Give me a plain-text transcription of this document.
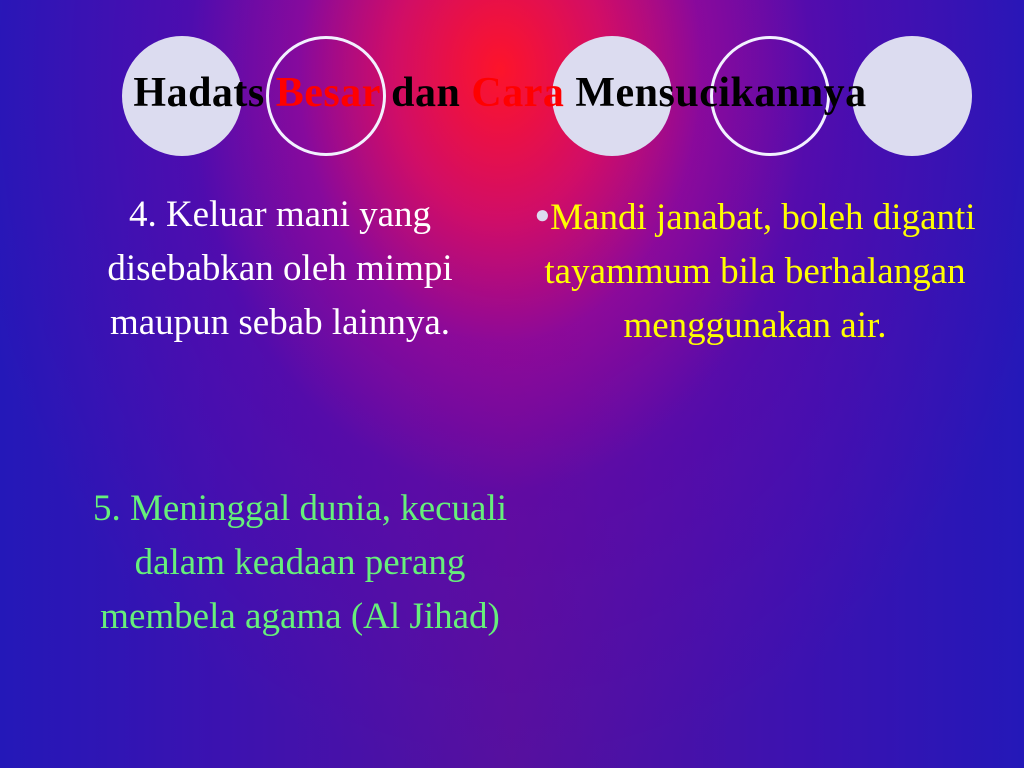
Hadats Besar dan Cara Mensucikannya

4. Keluar mani yang disebabkan oleh mimpi maupun sebab lainnya.

5. Meninggal dunia, kecuali dalam keadaan perang membela agama (Al Jihad)

●Mandi janabat, boleh diganti tayammum bila berhalangan menggunakan air.
